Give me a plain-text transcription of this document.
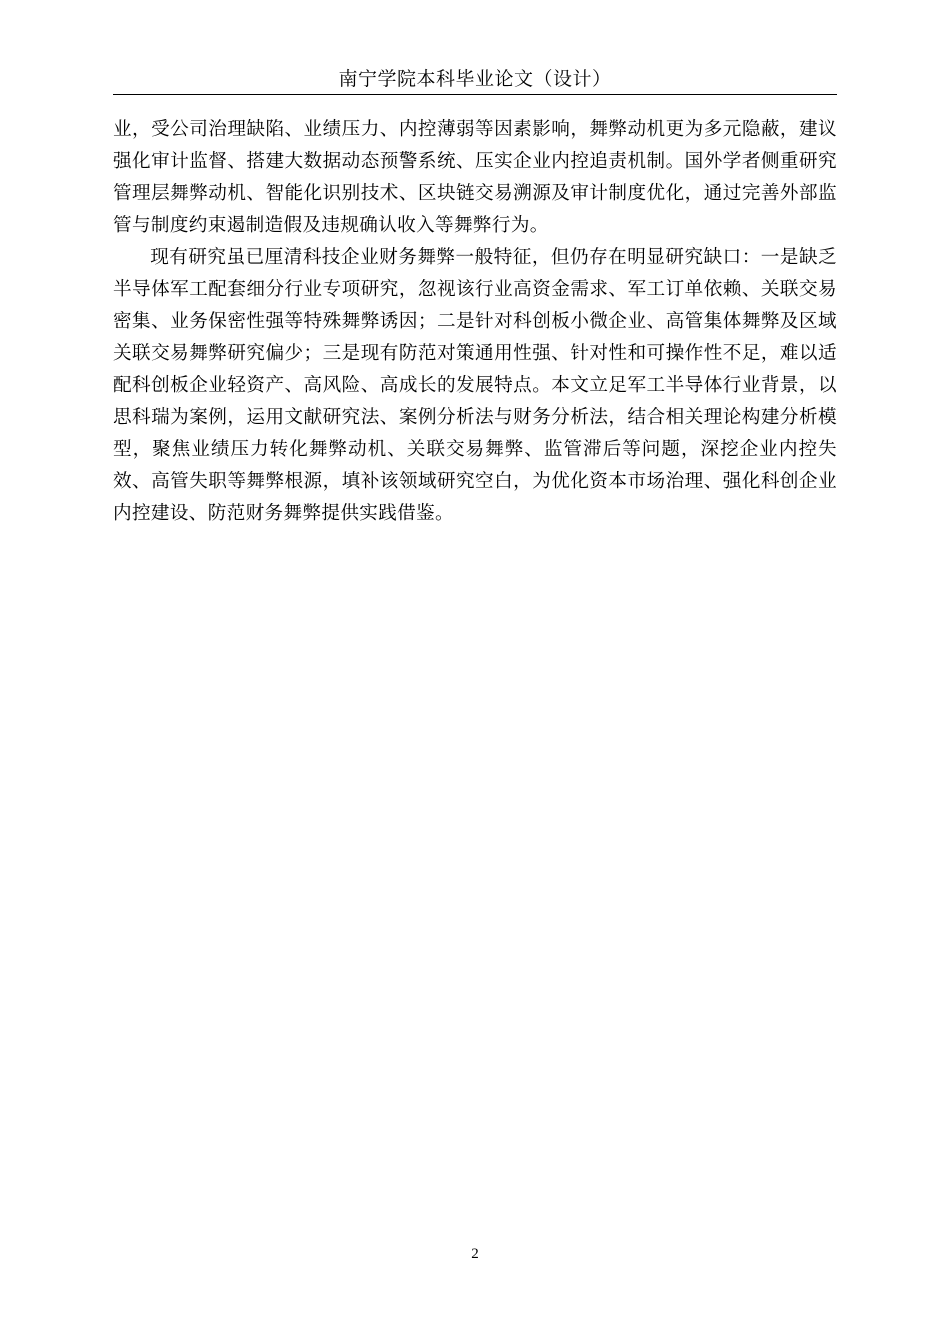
南宁学院本科毕业论文（设计）

业，受公司治理缺陷、业绩压力、内控薄弱等因素影响，舞弊动机更为多元隐蔽，建议强化审计监督、搭建大数据动态预警系统、压实企业内控追责机制。国外学者侧重研究管理层舞弊动机、智能化识别技术、区块链交易溯源及审计制度优化，通过完善外部监管与制度约束遏制造假及违规确认收入等舞弊行为。

现有研究虽已厘清科技企业财务舞弊一般特征，但仍存在明显研究缺口：一是缺乏半导体军工配套细分行业专项研究，忽视该行业高资金需求、军工订单依赖、关联交易密集、业务保密性强等特殊舞弊诱因；二是针对科创板小微企业、高管集体舞弊及区域关联交易舞弊研究偏少；三是现有防范对策通用性强、针对性和可操作性不足，难以适配科创板企业轻资产、高风险、高成长的发展特点。本文立足军工半导体行业背景，以思科瑞为案例，运用文献研究法、案例分析法与财务分析法，结合相关理论构建分析模型，聚焦业绩压力转化舞弊动机、关联交易舞弊、监管滞后等问题，深挖企业内控失效、高管失职等舞弊根源，填补该领域研究空白，为优化资本市场治理、强化科创企业内控建设、防范财务舞弊提供实践借鉴。

2
